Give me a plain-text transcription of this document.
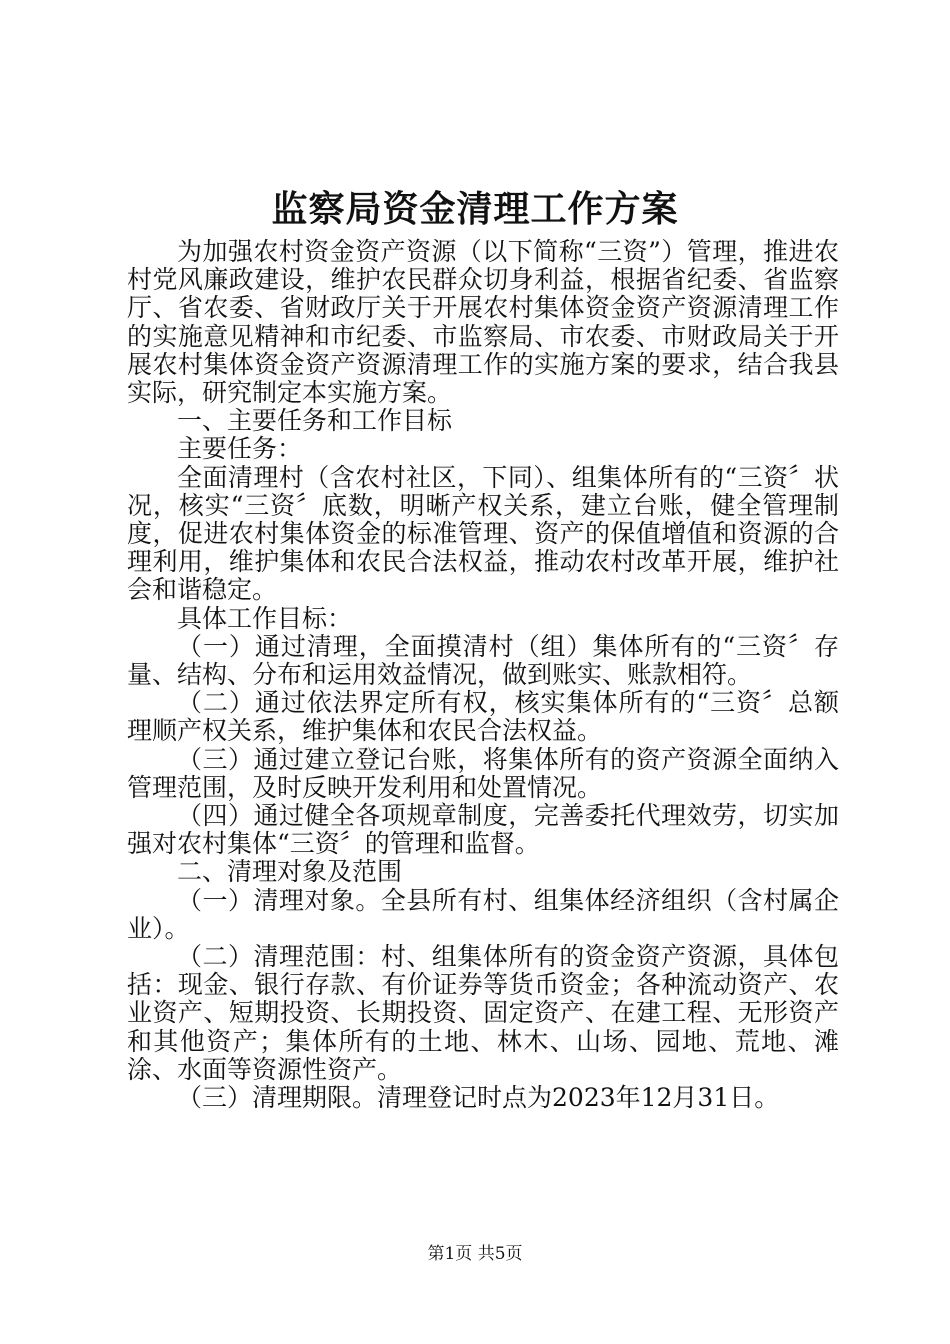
监察局资金清理工作方案

为加强农村资金资产资源（以下简称“三资”）管理，推进农村党风廉政建设，维护农民群众切身利益，根据省纪委、省监察厅、省农委、省财政厅关于开展农村集体资金资产资源清理工作的实施意见精神和市纪委、市监察局、市农委、市财政局关于开展农村集体资金资产资源清理工作的实施方案的要求，结合我县实际，研究制定本实施方案。

一、主要任务和工作目标

主要任务：

全面清理村（含农村社区，下同）、组集体所有的“三资〞状况，核实“三资〞底数，明晰产权关系，建立台账，健全管理制度，促进农村集体资金的标准管理、资产的保值增值和资源的合理利用，维护集体和农民合法权益，推动农村改革开展，维护社会和谐稳定。

具体工作目标：

（一）通过清理，全面摸清村（组）集体所有的“三资〞存量、结构、分布和运用效益情况，做到账实、账款相符。

（二）通过依法界定所有权，核实集体所有的“三资〞总额理顺产权关系，维护集体和农民合法权益。

（三）通过建立登记台账，将集体所有的资产资源全面纳入管理范围，及时反映开发利用和处置情况。

（四）通过健全各项规章制度，完善委托代理效劳，切实加强对农村集体“三资〞的管理和监督。

二、清理对象及范围

（一）清理对象。全县所有村、组集体经济组织（含村属企业）。

（二）清理范围：村、组集体所有的资金资产资源，具体包括：现金、银行存款、有价证券等货币资金；各种流动资产、农业资产、短期投资、长期投资、固定资产、在建工程、无形资产和其他资产；集体所有的土地、林木、山场、园地、荒地、滩涂、水面等资源性资产。

（三）清理期限。清理登记时点为2023年12月31日。

第1页 共5页
